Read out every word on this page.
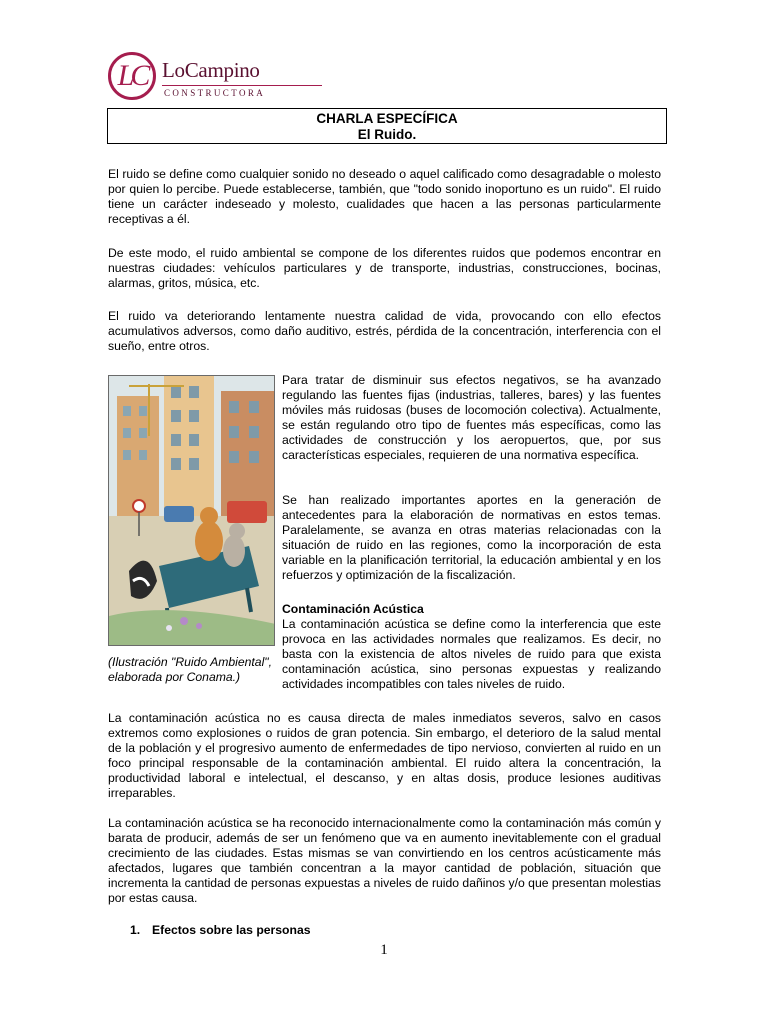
LC LoCampino
CONSTRUCTORA
CHARLA ESPECÍFICA
El Ruido.

El ruido se define como cualquier sonido no deseado o aquel calificado como desagradable o molesto por quien lo percibe. Puede establecerse, también, que "todo sonido inoportuno es un ruido". El ruido tiene un carácter indeseado y molesto, cualidades que hacen a las personas particularmente receptivas a él.

De este modo, el ruido ambiental se compone de los diferentes ruidos que podemos encontrar en nuestras ciudades: vehículos particulares y de transporte, industrias, construcciones, bocinas, alarmas, gritos, música, etc.

El ruido va deteriorando lentamente nuestra calidad de vida, provocando con ello efectos acumulativos adversos, como daño auditivo, estrés, pérdida de la concentración, interferencia con el sueño, entre otros.

Para tratar de disminuir sus efectos negativos, se ha avanzado regulando las fuentes fijas (industrias, talleres, bares) y las fuentes móviles más ruidosas (buses de locomoción colectiva). Actualmente, se están regulando otro tipo de fuentes más específicas, como las actividades de construcción y los aeropuertos, que, por sus características especiales, requieren de una normativa específica.

Se han realizado importantes aportes en la generación de antecedentes para la elaboración de normativas en estos temas. Paralelamente, se avanza en otras materias relacionadas con la situación de ruido en las regiones, como la incorporación de esta variable en la planificación territorial, la educación ambiental y en los refuerzos y optimización de la fiscalización.

Contaminación Acústica
La contaminación acústica se define como la interferencia que este provoca en las actividades normales que realizamos. Es decir, no basta con la existencia de altos niveles de ruido para que exista contaminación acústica, sino personas expuestas y realizando actividades incompatibles con tales niveles de ruido.

(Ilustración "Ruido Ambiental", elaborada por Conama.)

La contaminación acústica no es causa directa de males inmediatos severos, salvo en casos extremos como explosiones o ruidos de gran potencia. Sin embargo, el deterioro de la salud mental de la población y el progresivo aumento de enfermedades de tipo nervioso, convierten al ruido en un foco principal responsable de la contaminación ambiental. El ruido altera la concentración, la productividad laboral e intelectual, el descanso, y en altas dosis, produce lesiones auditivas irreparables.

La contaminación acústica se ha reconocido internacionalmente como la contaminación más común y barata de producir, además de ser un fenómeno que va en aumento inevitablemente con el gradual crecimiento de las ciudades. Estas mismas se van convirtiendo en los centros acústicamente más afectados, lugares que también concentran a la mayor cantidad de población, situación que incrementa la cantidad de personas expuestas a niveles de ruido dañinos y/o que presentan molestias por estas causa.

1. Efectos sobre las personas
1
